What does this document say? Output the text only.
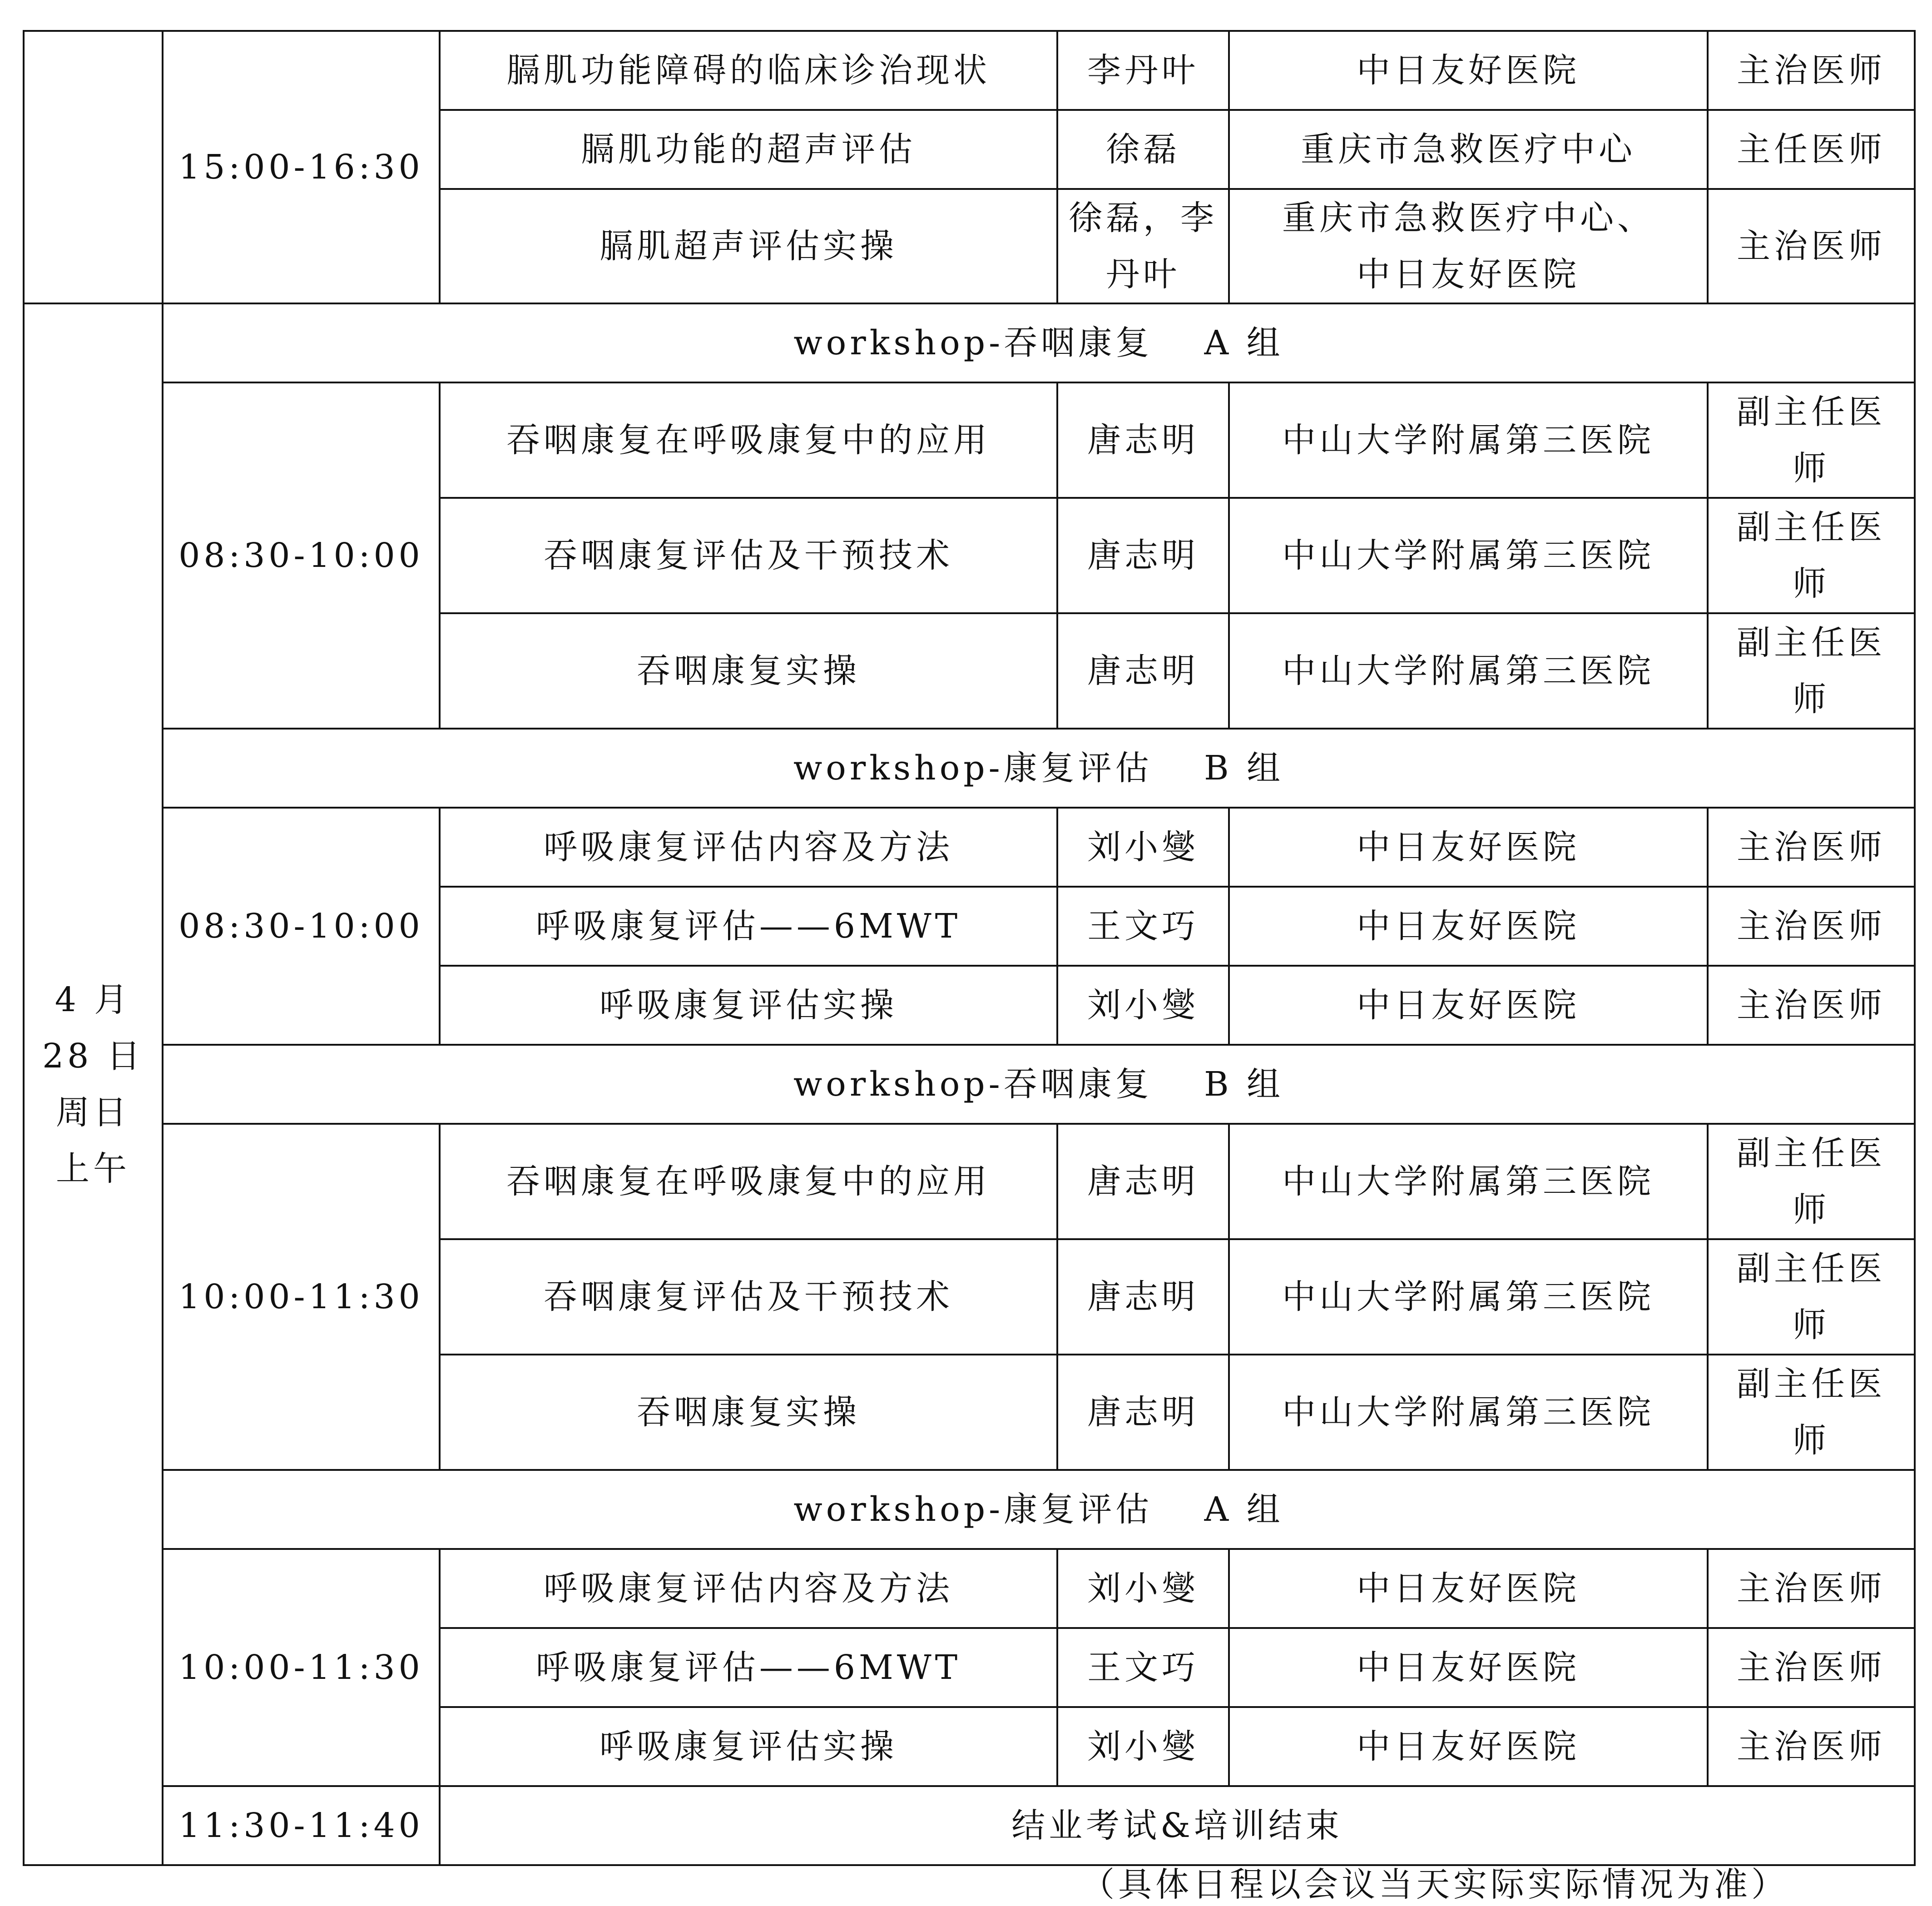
	15:00-16:30	膈肌功能障碍的临床诊治现状	李丹叶	中日友好医院	主治医师
		膈肌功能的超声评估	徐磊	重庆市急救医疗中心	主任医师
		膈肌超声评估实操	徐磊，李
丹叶	重庆市急救医疗中心、
中日友好医院	主治医师

4 月
28 日
周日
上午	workshop-吞咽康复　 A 组				
	08:30-10:00	吞咽康复在呼吸康复中的应用	唐志明	中山大学附属第三医院	副主任医
师

		吞咽康复评估及干预技术	唐志明	中山大学附属第三医院	副主任医
师

		吞咽康复实操	唐志明	中山大学附属第三医院	副主任医
师

	workshop-康复评估　 B 组				
	08:30-10:00	呼吸康复评估内容及方法	刘小燮	中日友好医院	主治医师
		呼吸康复评估——6MWT	王文巧	中日友好医院	主治医师
		呼吸康复评估实操	刘小燮	中日友好医院	主治医师
	workshop-吞咽康复　 B 组				
	10:00-11:30	吞咽康复在呼吸康复中的应用	唐志明	中山大学附属第三医院	副主任医
师

		吞咽康复评估及干预技术	唐志明	中山大学附属第三医院	副主任医
师

		吞咽康复实操	唐志明	中山大学附属第三医院	副主任医
师

	workshop-康复评估　 A 组				
	10:00-11:30	呼吸康复评估内容及方法	刘小燮	中日友好医院	主治医师
		呼吸康复评估——6MWT	王文巧	中日友好医院	主治医师
		呼吸康复评估实操	刘小燮	中日友好医院	主治医师
	11:30-11:40	结业考试&培训结束			
（具体日程以会议当天实际实际情况为准）
